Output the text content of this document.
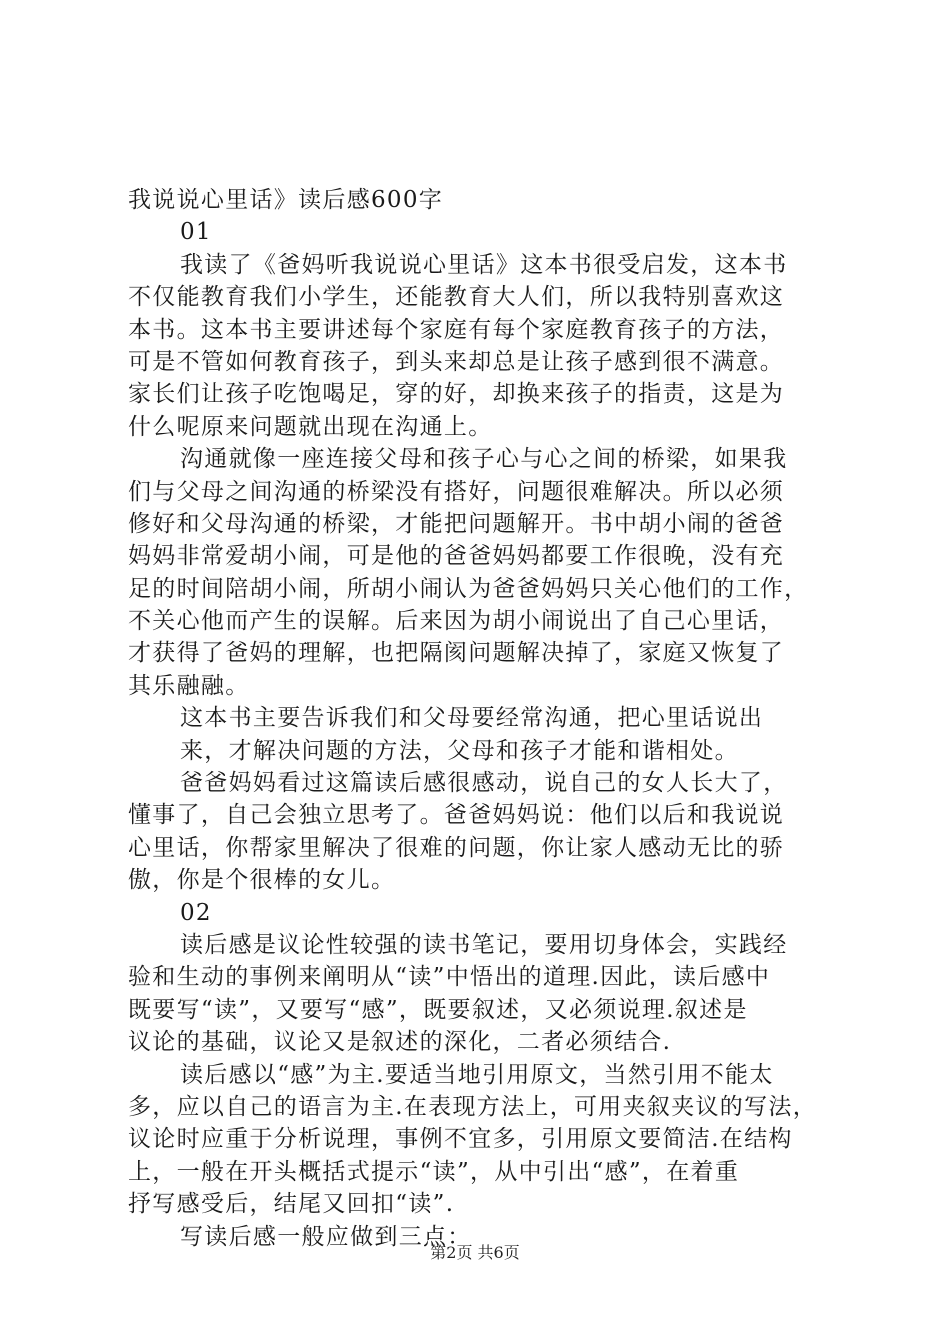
我说说心里话》读后感600字
01
我读了《爸妈听我说说心里话》这本书很受启发，这本书
不仅能教育我们小学生，还能教育大人们，所以我特别喜欢这
本书。这本书主要讲述每个家庭有每个家庭教育孩子的方法，
可是不管如何教育孩子，到头来却总是让孩子感到很不满意。
家长们让孩子吃饱喝足，穿的好，却换来孩子的指责，这是为
什么呢原来问题就出现在沟通上。
沟通就像一座连接父母和孩子心与心之间的桥梁，如果我
们与父母之间沟通的桥梁没有搭好，问题很难解决。所以必须
修好和父母沟通的桥梁，才能把问题解开。书中胡小闹的爸爸
妈妈非常爱胡小闹，可是他的爸爸妈妈都要工作很晚，没有充
足的时间陪胡小闹，所胡小闹认为爸爸妈妈只关心他们的工作，
不关心他而产生的误解。后来因为胡小闹说出了自己心里话，
才获得了爸妈的理解，也把隔阂问题解决掉了，家庭又恢复了
其乐融融。
这本书主要告诉我们和父母要经常沟通，把心里话说出
来，才解决问题的方法，父母和孩子才能和谐相处。
爸爸妈妈看过这篇读后感很感动，说自己的女人长大了，
懂事了，自己会独立思考了。爸爸妈妈说：他们以后和我说说
心里话，你帮家里解决了很难的问题，你让家人感动无比的骄
傲，你是个很棒的女儿。
02
读后感是议论性较强的读书笔记，要用切身体会，实践经
验和生动的事例来阐明从“读”中悟出的道理.因此，读后感中
既要写“读”，又要写“感”，既要叙述，又必须说理.叙述是
议论的基础，议论又是叙述的深化，二者必须结合.
读后感以“感”为主.要适当地引用原文，当然引用不能太
多，应以自己的语言为主.在表现方法上，可用夹叙夹议的写法，
议论时应重于分析说理，事例不宜多，引用原文要简洁.在结构
上，一般在开头概括式提示“读”，从中引出“感”，在着重
抒写感受后，结尾又回扣“读”.
写读后感一般应做到三点：
第2页 共6页
